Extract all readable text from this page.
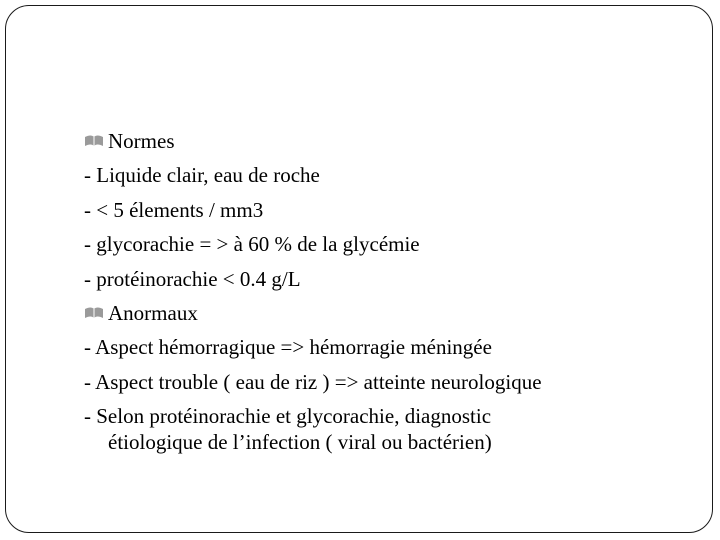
Normes
- Liquide clair, eau de roche
- < 5 élements / mm3
- glycorachie = > à 60 % de la glycémie
- protéinorachie < 0.4 g/L
Anormaux
- Aspect hémorragique => hémorragie méningée
- Aspect trouble ( eau de riz ) => atteinte neurologique
- Selon protéinorachie et glycorachie, diagnostic
étiologique de l’infection ( viral ou bactérien)
